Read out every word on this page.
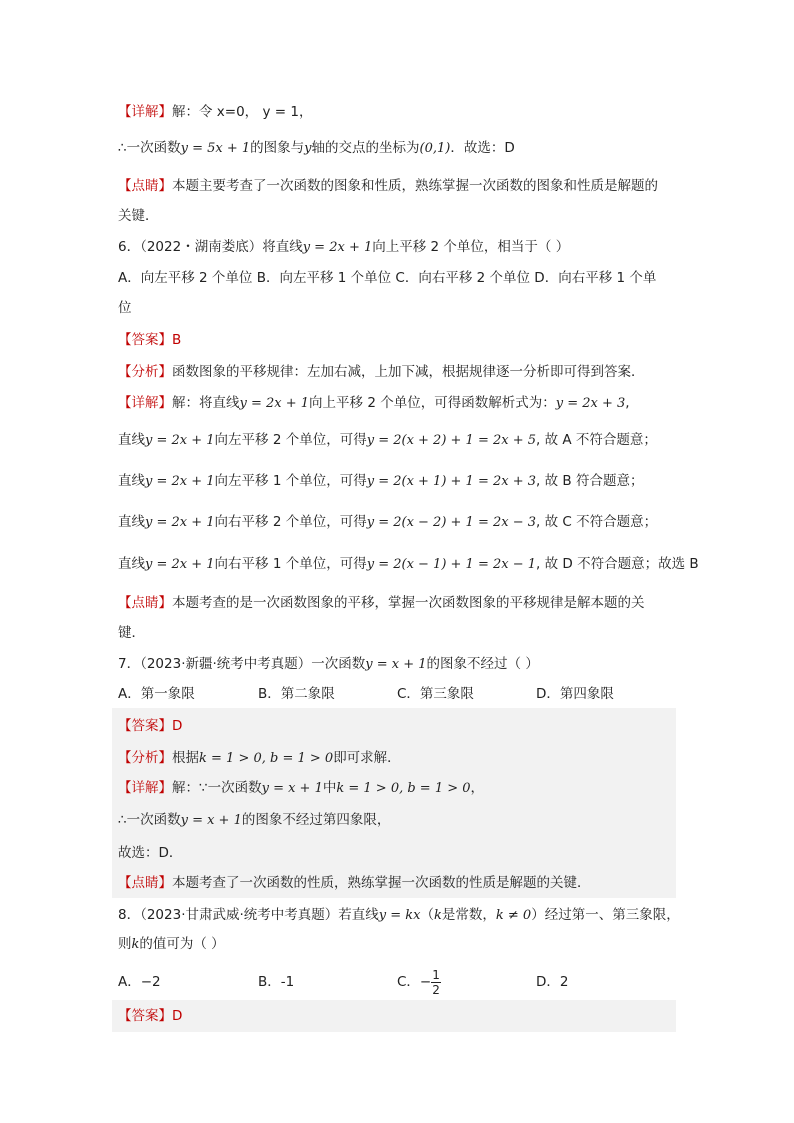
【详解】解：令 x=0， y = 1，
∴一次函数y = 5x + 1的图象与y轴的交点的坐标为(0,1)．故选：D
【点睛】本题主要考查了一次函数的图象和性质，熟练掌握一次函数的图象和性质是解题的
关键．
6．（2022・湖南娄底）将直线y = 2x + 1向上平移 2 个单位，相当于（ ）
A．向左平移 2 个单位 B．向左平移 1 个单位 C．向右平移 2 个单位 D．向右平移 1 个单
位
【答案】B
【分析】函数图象的平移规律：左加右减，上加下减，根据规律逐一分析即可得到答案．
【详解】解：将直线y = 2x + 1向上平移 2 个单位，可得函数解析式为：y = 2x + 3,
直线y = 2x + 1向左平移 2 个单位，可得y = 2(x + 2) + 1 = 2x + 5, 故 A 不符合题意；
直线y = 2x + 1向左平移 1 个单位，可得y = 2(x + 1) + 1 = 2x + 3, 故 B 符合题意；
直线y = 2x + 1向右平移 2 个单位，可得y = 2(x − 2) + 1 = 2x − 3, 故 C 不符合题意；
直线y = 2x + 1向右平移 1 个单位，可得y = 2(x − 1) + 1 = 2x − 1, 故 D 不符合题意；故选 B
【点睛】本题考查的是一次函数图象的平移，掌握一次函数图象的平移规律是解本题的关
键．
7．（2023·新疆·统考中考真题）一次函数y = x + 1的图象不经过（ ）
A．第一象限	B．第二象限	C．第三象限	D．第四象限
【答案】D
【分析】根据k = 1 > 0, b = 1 > 0即可求解．
【详解】解：∵一次函数y = x + 1中k = 1 > 0, b = 1 > 0，
∴一次函数y = x + 1的图象不经过第四象限，
故选：D．
【点睛】本题考查了一次函数的性质，熟练掌握一次函数的性质是解题的关键．
8．（2023·甘肃武威·统考中考真题）若直线y = kx（k是常数，k ≠ 0）经过第一、第三象限，
则k的值可为（ ）
A．−2	B．-1	C．− $\frac{1}{2}$	D．2
【答案】D
